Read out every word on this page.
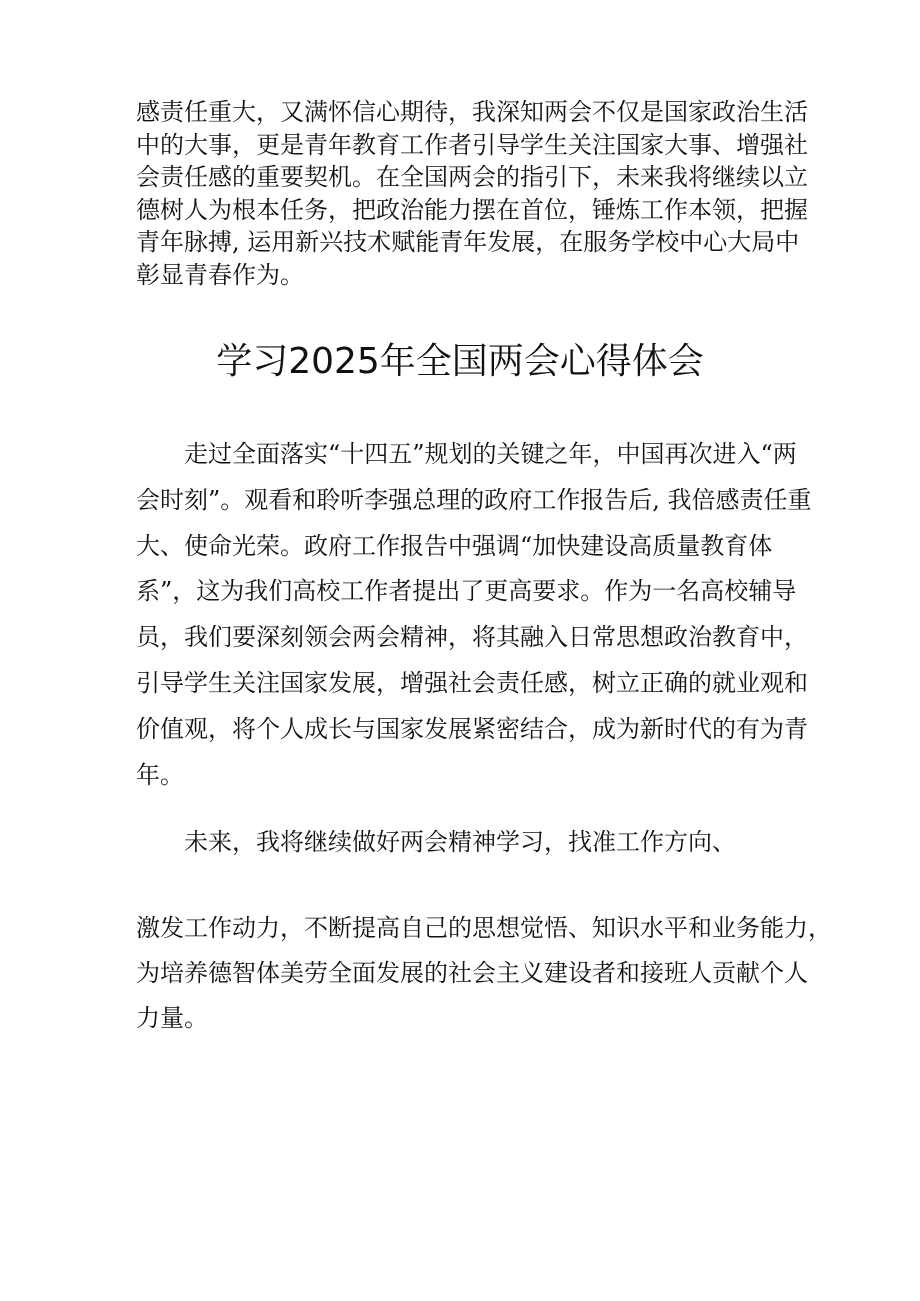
感责任重大，又满怀信心期待，我深知两会不仅是国家政治生活
中的大事，更是青年教育工作者引导学生关注国家大事、增强社
会责任感的重要契机。在全国两会的指引下，未来我将继续以立
德树人为根本任务，把政治能力摆在首位，锤炼工作本领，把握
青年脉搏, 运用新兴技术赋能青年发展，在服务学校中心大局中
彰显青春作为。
学习2025年全国两会心得体会
　　走过全面落实“十四五”规划的关键之年，中国再次进入“两
会时刻”。观看和聆听李强总理的政府工作报告后, 我倍感责任重
大、使命光荣。政府工作报告中强调“加快建设高质量教育体
系”，这为我们高校工作者提出了更高要求。作为一名高校辅导
员，我们要深刻领会两会精神，将其融入日常思想政治教育中，
引导学生关注国家发展，增强社会责任感，树立正确的就业观和
价值观，将个人成长与国家发展紧密结合，成为新时代的有为青
年。
　　未来，我将继续做好两会精神学习，找准工作方向、
激发工作动力，不断提高自己的思想觉悟、知识水平和业务能力，
为培养德智体美劳全面发展的社会主义建设者和接班人贡献个人
力量。
